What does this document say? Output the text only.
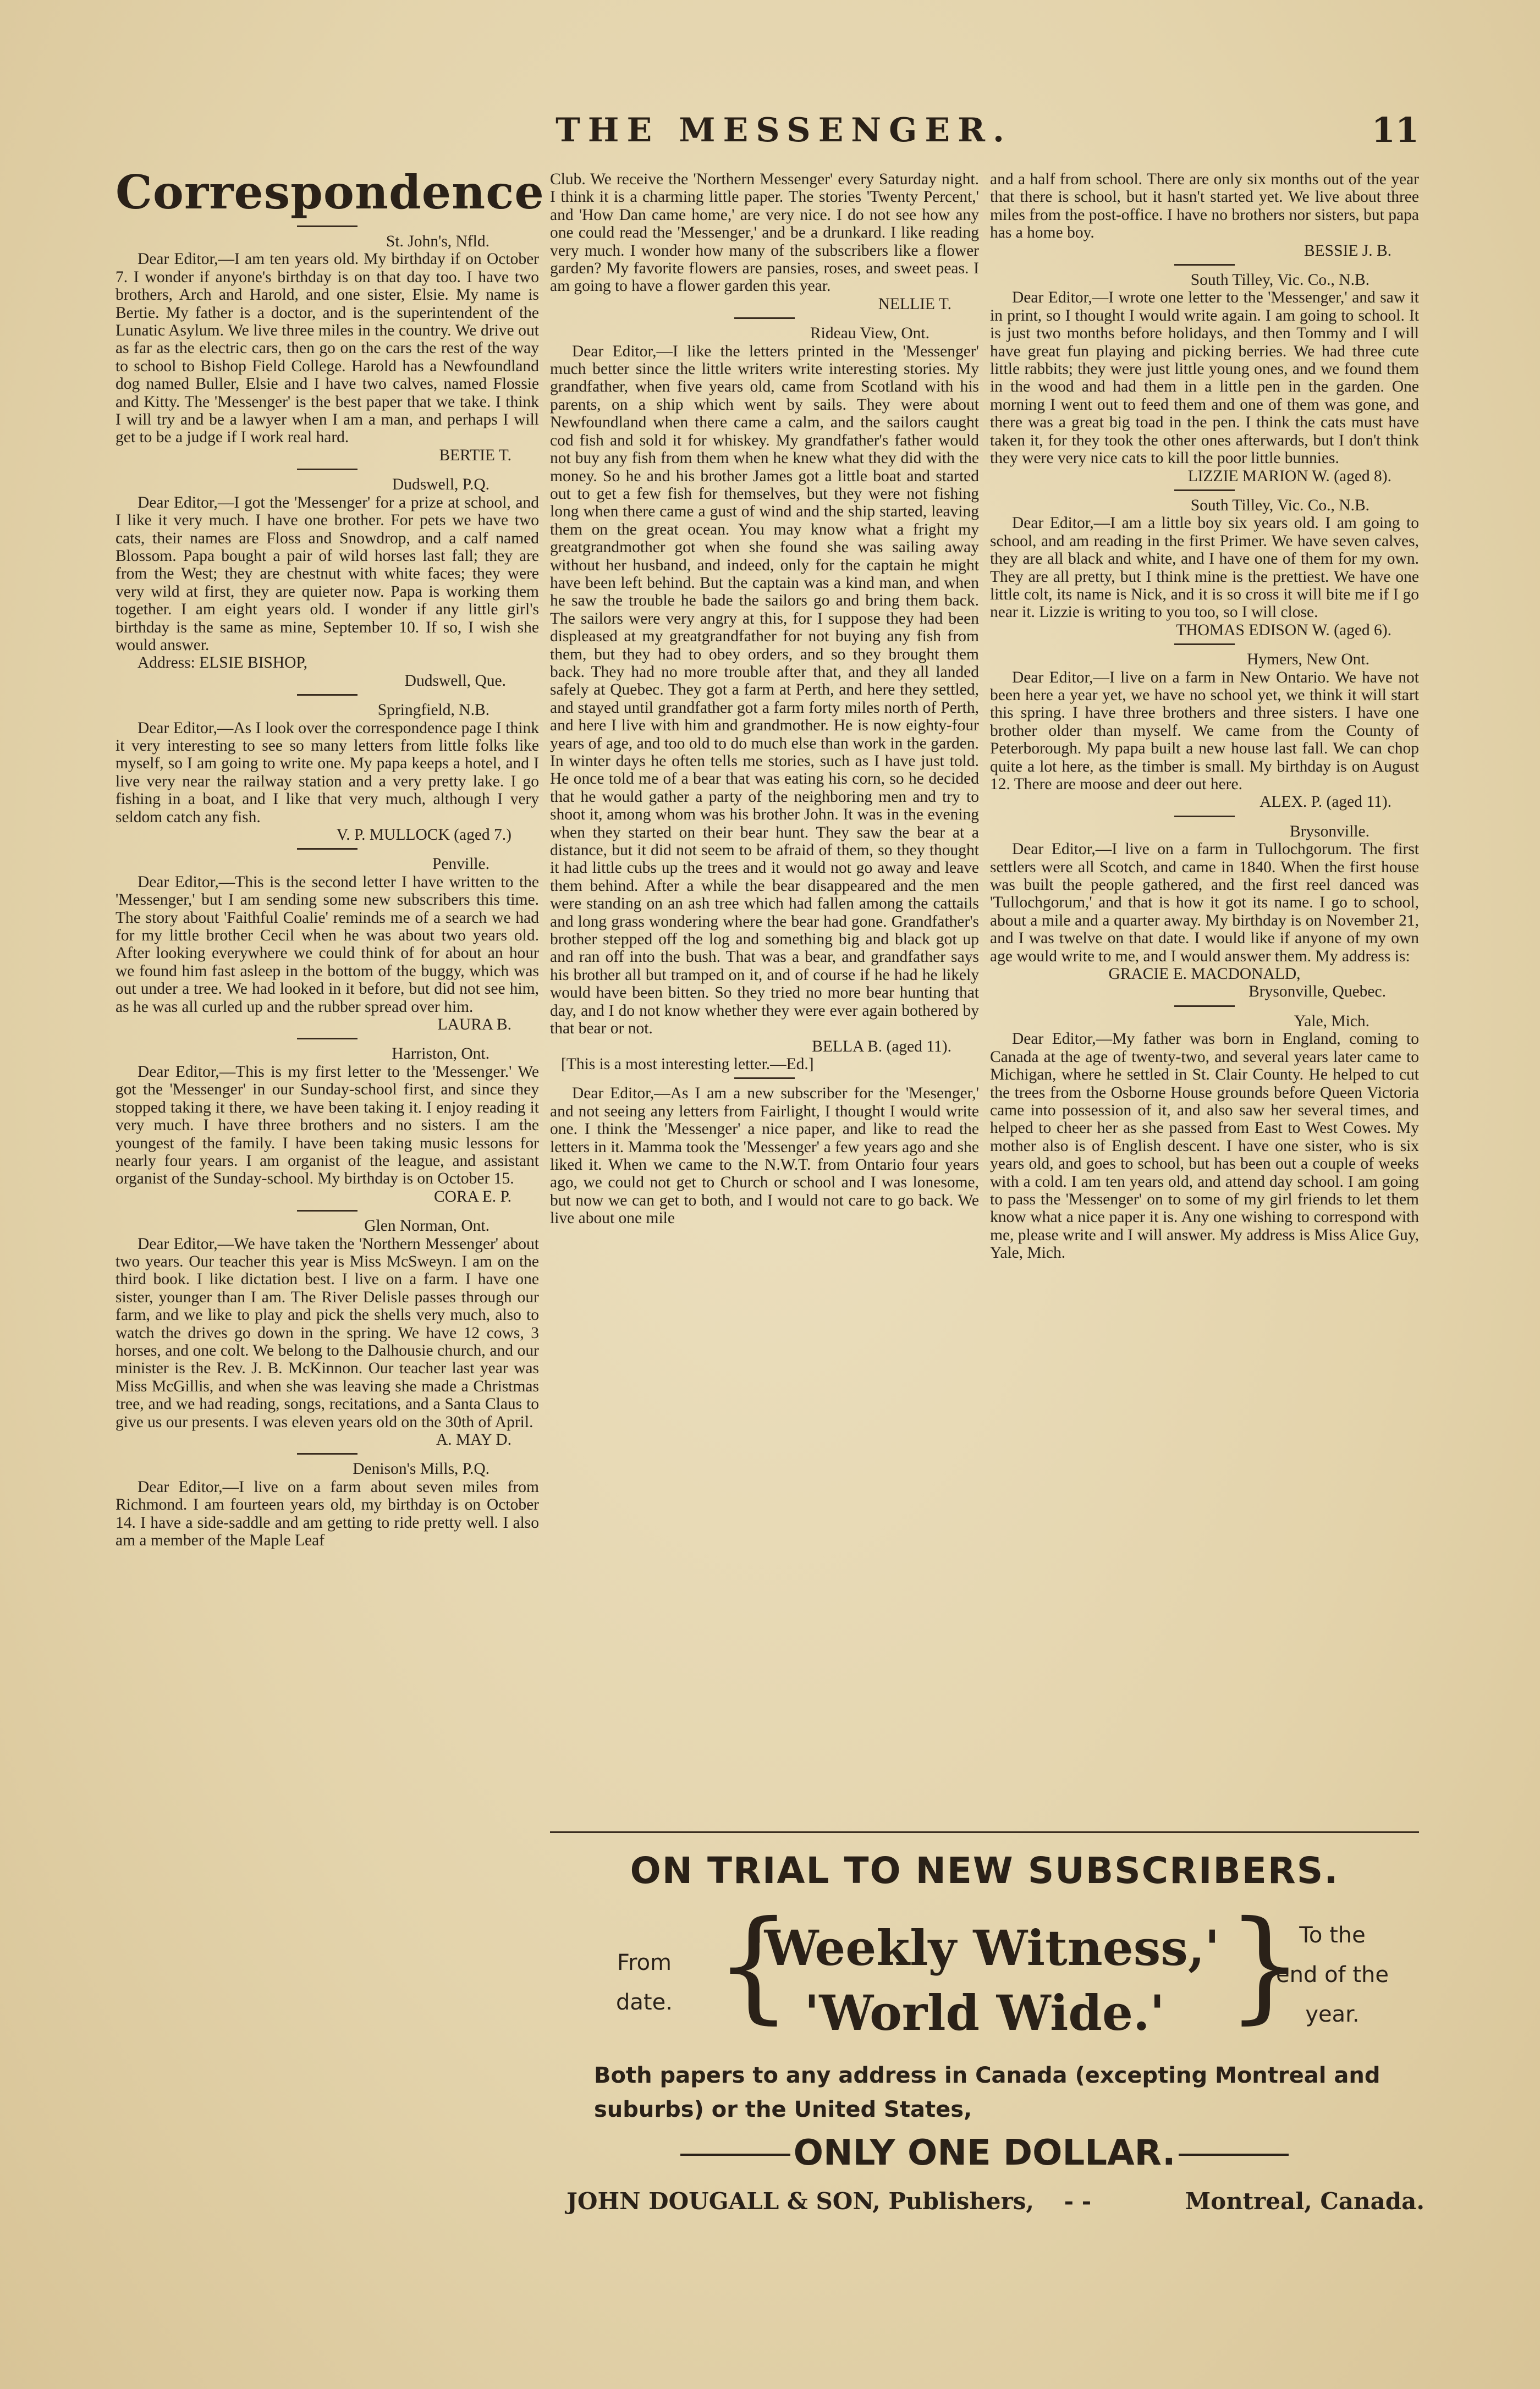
THE MESSENGER.	11
Correspondence
St. John's, Nfld.
Dear Editor,—I am ten years old. My birthday if on October 7. I wonder if anyone's birthday is on that day too. I have two brothers, Arch and Harold, and one sister, Elsie. My name is Bertie. My father is a doctor, and is the superintendent of the Lunatic Asylum. We live three miles in the country. We drive out as far as the electric cars, then go on the cars the rest of the way to school to Bishop Field College. Harold has a Newfoundland dog named Buller, Elsie and I have two calves, named Flossie and Kitty. The 'Messenger' is the best paper that we take. I think I will try and be a lawyer when I am a man, and perhaps I will get to be a judge if I work real hard.
BERTIE T.
Dudswell, P.Q.
Dear Editor,—I got the 'Messenger' for a prize at school, and I like it very much. I have one brother. For pets we have two cats, their names are Floss and Snowdrop, and a calf named Blossom. Papa bought a pair of wild horses last fall; they are from the West; they are chestnut with white faces; they were very wild at first, they are quieter now. Papa is working them together. I am eight years old. I wonder if any little girl's birthday is the same as mine, September 10. If so, I wish she would answer.
Address: ELSIE BISHOP,
Dudswell, Que.
Springfield, N.B.
Dear Editor,—As I look over the correspondence page I think it very interesting to see so many letters from little folks like myself, so I am going to write one. My papa keeps a hotel, and I live very near the railway station and a very pretty lake. I go fishing in a boat, and I like that very much, although I very seldom catch any fish.
V. P. MULLOCK (aged 7.)
Penville.
Dear Editor,—This is the second letter I have written to the 'Messenger,' but I am sending some new subscribers this time. The story about 'Faithful Coalie' reminds me of a search we had for my little brother Cecil when he was about two years old. After looking everywhere we could think of for about an hour we found him fast asleep in the bottom of the buggy, which was out under a tree. We had looked in it before, but did not see him, as he was all curled up and the rubber spread over him.
LAURA B.
Harriston, Ont.
Dear Editor,—This is my first letter to the 'Messenger.' We got the 'Messenger' in our Sunday-school first, and since they stopped taking it there, we have been taking it. I enjoy reading it very much. I have three brothers and no sisters. I am the youngest of the family. I have been taking music lessons for nearly four years. I am organist of the league, and assistant organist of the Sunday-school. My birthday is on October 15.
CORA E. P.
Glen Norman, Ont.
Dear Editor,—We have taken the 'Northern Messenger' about two years. Our teacher this year is Miss McSweyn. I am on the third book. I like dictation best. I live on a farm. I have one sister, younger than I am. The River Delisle passes through our farm, and we like to play and pick the shells very much, also to watch the drives go down in the spring. We have 12 cows, 3 horses, and one colt. We belong to the Dalhousie church, and our minister is the Rev. J. B. McKinnon. Our teacher last year was Miss McGillis, and when she was leaving she made a Christmas tree, and we had reading, songs, recitations, and a Santa Claus to give us our presents. I was eleven years old on the 30th of April.
A. MAY D.
Denison's Mills, P.Q.
Dear Editor,—I live on a farm about seven miles from Richmond. I am fourteen years old, my birthday is on October 14. I have a side-saddle and am getting to ride pretty well. I also am a member of the Maple Leaf
Club. We receive the 'Northern Messenger' every Saturday night. I think it is a charming little paper. The stories 'Twenty Percent,' and 'How Dan came home,' are very nice. I do not see how any one could read the 'Messenger,' and be a drunkard. I like reading very much. I wonder how many of the subscribers like a flower garden? My favorite flowers are pansies, roses, and sweet peas. I am going to have a flower garden this year.
NELLIE T.
Rideau View, Ont.
Dear Editor,—I like the letters printed in the 'Messenger' much better since the little writers write interesting stories. My grandfather, when five years old, came from Scotland with his parents, on a ship which went by sails. They were about Newfoundland when there came a calm, and the sailors caught cod fish and sold it for whiskey. My grandfather's father would not buy any fish from them when he knew what they did with the money. So he and his brother James got a little boat and started out to get a few fish for themselves, but they were not fishing long when there came a gust of wind and the ship started, leaving them on the great ocean. You may know what a fright my greatgrandmother got when she found she was sailing away without her husband, and indeed, only for the captain he might have been left behind. But the captain was a kind man, and when he saw the trouble he bade the sailors go and bring them back. The sailors were very angry at this, for I suppose they had been displeased at my greatgrandfather for not buying any fish from them, but they had to obey orders, and so they brought them back. They had no more trouble after that, and they all landed safely at Quebec. They got a farm at Perth, and here they settled, and stayed until grandfather got a farm forty miles north of Perth, and here I live with him and grandmother. He is now eighty-four years of age, and too old to do much else than work in the garden. In winter days he often tells me stories, such as I have just told. He once told me of a bear that was eating his corn, so he decided that he would gather a party of the neighboring men and try to shoot it, among whom was his brother John. It was in the evening when they started on their bear hunt. They saw the bear at a distance, but it did not seem to be afraid of them, so they thought it had little cubs up the trees and it would not go away and leave them behind. After a while the bear disappeared and the men were standing on an ash tree which had fallen among the cattails and long grass wondering where the bear had gone. Grandfather's brother stepped off the log and something big and black got up and ran off into the bush. That was a bear, and grandfather says his brother all but tramped on it, and of course if he had he likely would have been bitten. So they tried no more bear hunting that day, and I do not know whether they were ever again bothered by that bear or not.
BELLA B. (aged 11).
[This is a most interesting letter.—Ed.]
Dear Editor,—As I am a new subscriber for the 'Mesenger,' and not seeing any letters from Fairlight, I thought I would write one. I think the 'Messenger' a nice paper, and like to read the letters in it. Mamma took the 'Messenger' a few years ago and she liked it. When we came to the N.W.T. from Ontario four years ago, we could not get to Church or school and I was lonesome, but now we can get to both, and I would not care to go back. We live about one mile
and a half from school. There are only six months out of the year that there is school, but it hasn't started yet. We live about three miles from the post-office. I have no brothers nor sisters, but papa has a home boy.
BESSIE J. B.
South Tilley, Vic. Co., N.B.
Dear Editor,—I wrote one letter to the 'Messenger,' and saw it in print, so I thought I would write again. I am going to school. It is just two months before holidays, and then Tommy and I will have great fun playing and picking berries. We had three cute little rabbits; they were just little young ones, and we found them in the wood and had them in a little pen in the garden. One morning I went out to feed them and one of them was gone, and there was a great big toad in the pen. I think the cats must have taken it, for they took the other ones afterwards, but I don't think they were very nice cats to kill the poor little bunnies.
LIZZIE MARION W. (aged 8).
South Tilley, Vic. Co., N.B.
Dear Editor,—I am a little boy six years old. I am going to school, and am reading in the first Primer. We have seven calves, they are all black and white, and I have one of them for my own. They are all pretty, but I think mine is the prettiest. We have one little colt, its name is Nick, and it is so cross it will bite me if I go near it. Lizzie is writing to you too, so I will close.
THOMAS EDISON W. (aged 6).
Hymers, New Ont.
Dear Editor,—I live on a farm in New Ontario. We have not been here a year yet, we have no school yet, we think it will start this spring. I have three brothers and three sisters. I have one brother older than myself. We came from the County of Peterborough. My papa built a new house last fall. We can chop quite a lot here, as the timber is small. My birthday is on August 12. There are moose and deer out here.
ALEX. P. (aged 11).
Brysonville.
Dear Editor,—I live on a farm in Tullochgorum. The first settlers were all Scotch, and came in 1840. When the first house was built the people gathered, and the first reel danced was 'Tullochgorum,' and that is how it got its name. I go to school, about a mile and a quarter away. My birthday is on November 21, and I was twelve on that date. I would like if anyone of my own age would write to me, and I would answer them. My address is:
GRACIE E. MACDONALD,
Brysonville, Quebec.
Yale, Mich.
Dear Editor,—My father was born in England, coming to Canada at the age of twenty-two, and several years later came to Michigan, where he settled in St. Clair County. He helped to cut the trees from the Osborne House grounds before Queen Victoria came into possession of it, and also saw her several times, and helped to cheer her as she passed from East to West Cowes. My mother also is of English descent. I have one sister, who is six years old, and goes to school, but has been out a couple of weeks with a cold. I am ten years old, and attend day school. I am going to pass the 'Messenger' on to some of my girl friends to let them know what a nice paper it is. Any one wishing to correspond with me, please write and I will answer. My address is Miss Alice Guy, Yale, Mich.
ON TRIAL TO NEW SUBSCRIBERS.
From
date. {
'Weekly Witness,'
'World Wide.' }
To the
end of the
year.
Both papers to any address in Canada (excepting Montreal and suburbs) or the United States,
ONLY ONE DOLLAR.
JOHN DOUGALL & SON, Publishers, - -	Montreal, Canada.
